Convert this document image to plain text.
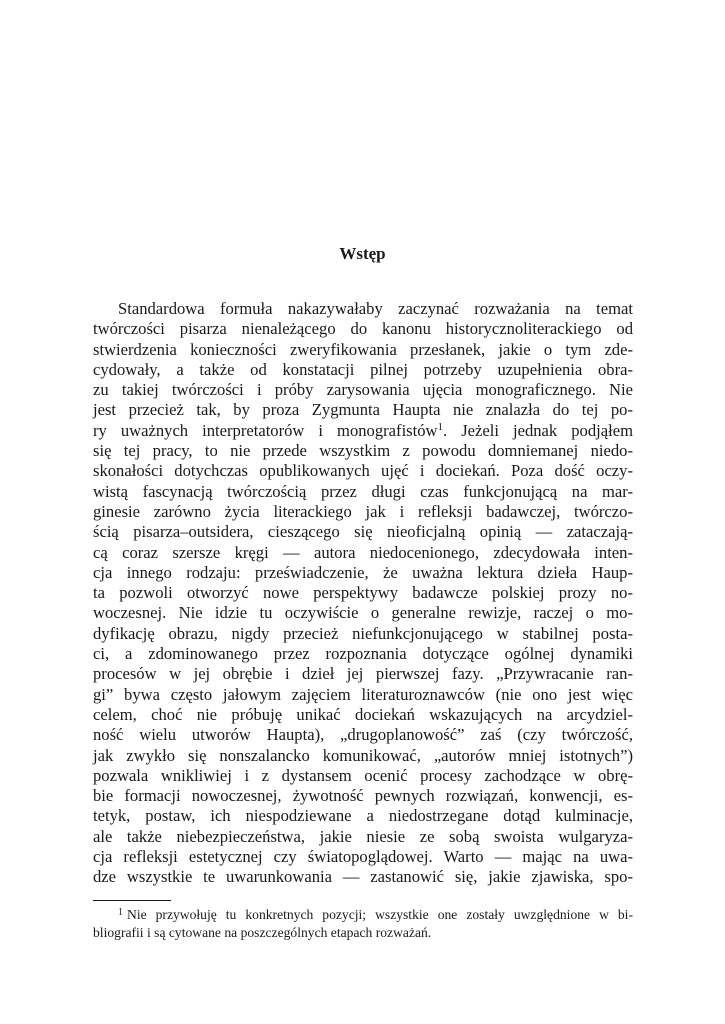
Wstęp
Standardowa formuła nakazywałaby zaczynać rozważania na temat
twórczości pisarza nienależącego do kanonu historycznoliterackiego od
stwierdzenia konieczności zweryfikowania przesłanek, jakie o tym zde-
cydowały, a także od konstatacji pilnej potrzeby uzupełnienia obra-
zu takiej twórczości i próby zarysowania ujęcia monograficznego. Nie
jest przecież tak, by proza Zygmunta Haupta nie znalazła do tej po-
ry uważnych interpretatorów i monografistów$^1$. Jeżeli jednak podjąłem
się tej pracy, to nie przede wszystkim z powodu domniemanej niedo-
skonałości dotychczas opublikowanych ujęć i dociekań. Poza dość oczy-
wistą fascynacją twórczością przez długi czas funkcjonującą na mar-
ginesie zarówno życia literackiego jak i refleksji badawczej, twórczo-
ścią pisarza–outsidera, cieszącego się nieoficjalną opinią — zataczają-
cą coraz szersze kręgi — autora niedocenionego, zdecydowała inten-
cja innego rodzaju: przeświadczenie, że uważna lektura dzieła Haup-
ta pozwoli otworzyć nowe perspektywy badawcze polskiej prozy no-
woczesnej. Nie idzie tu oczywiście o generalne rewizje, raczej o mo-
dyfikację obrazu, nigdy przecież niefunkcjonującego w stabilnej posta-
ci, a zdominowanego przez rozpoznania dotyczące ogólnej dynamiki
procesów w jej obrębie i dzieł jej pierwszej fazy. „Przywracanie ran-
gi” bywa często jałowym zajęciem literaturoznawców (nie ono jest więc
celem, choć nie próbuję unikać dociekań wskazujących na arcydziel-
ność wielu utworów Haupta), „drugoplanowość” zaś (czy twórczość,
jak zwykło się nonszalancko komunikować, „autorów mniej istotnych”)
pozwala wnikliwiej i z dystansem ocenić procesy zachodzące w obrę-
bie formacji nowoczesnej, żywotność pewnych rozwiązań, konwencji, es-
tetyk, postaw, ich niespodziewane a niedostrzegane dotąd kulminacje,
ale także niebezpieczeństwa, jakie niesie ze sobą swoista wulgaryza-
cja refleksji estetycznej czy światopoglądowej. Warto — mając na uwa-
dze wszystkie te uwarunkowania — zastanowić się, jakie zjawiska, spo-
$^1$ Nie przywołuję tu konkretnych pozycji; wszystkie one zostały uwzględnione w bi-
bliografii i są cytowane na poszczególnych etapach rozważań.
